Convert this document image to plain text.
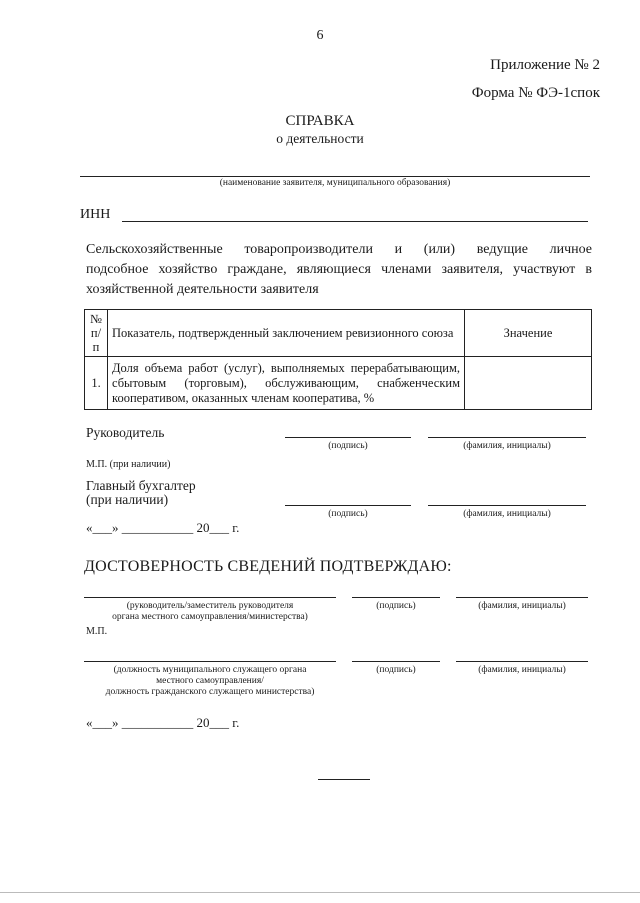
6
Приложение № 2
Форма № ФЭ-1спок
СПРАВКА
о деятельности
(наименование заявителя, муниципального образования)
ИНН
Сельскохозяйственные товаропроизводители и (или) ведущие личное
подсобное хозяйство граждане, являющиеся членами заявителя, участвуют в
хозяйственной деятельности заявителя
№ п/п	Показатель, подтвержденный заключением ревизионного союза	Значение
1.	Доля объема работ (услуг), выполняемых перерабатывающим,
сбытовым (торговым), обслуживающим, снабженческим
кооперативом, оказанных членам кооператива, %	

Руководитель
(подпись)	(фамилия, инициалы)
М.П. (при наличии)
Главный бухгалтер
(при наличии)
(подпись)	(фамилия, инициалы)
«___» ___________ 20___ г.
ДОСТОВЕРНОСТЬ СВЕДЕНИЙ ПОДТВЕРЖДАЮ:
(руководитель/заместитель руководителя
органа местного самоуправления/министерства)
(подпись)	(фамилия, инициалы)
М.П.
(должность муниципального служащего органа
местного самоуправления/
должность гражданского служащего министерства)
(подпись)	(фамилия, инициалы)
«___» ___________ 20___ г.
